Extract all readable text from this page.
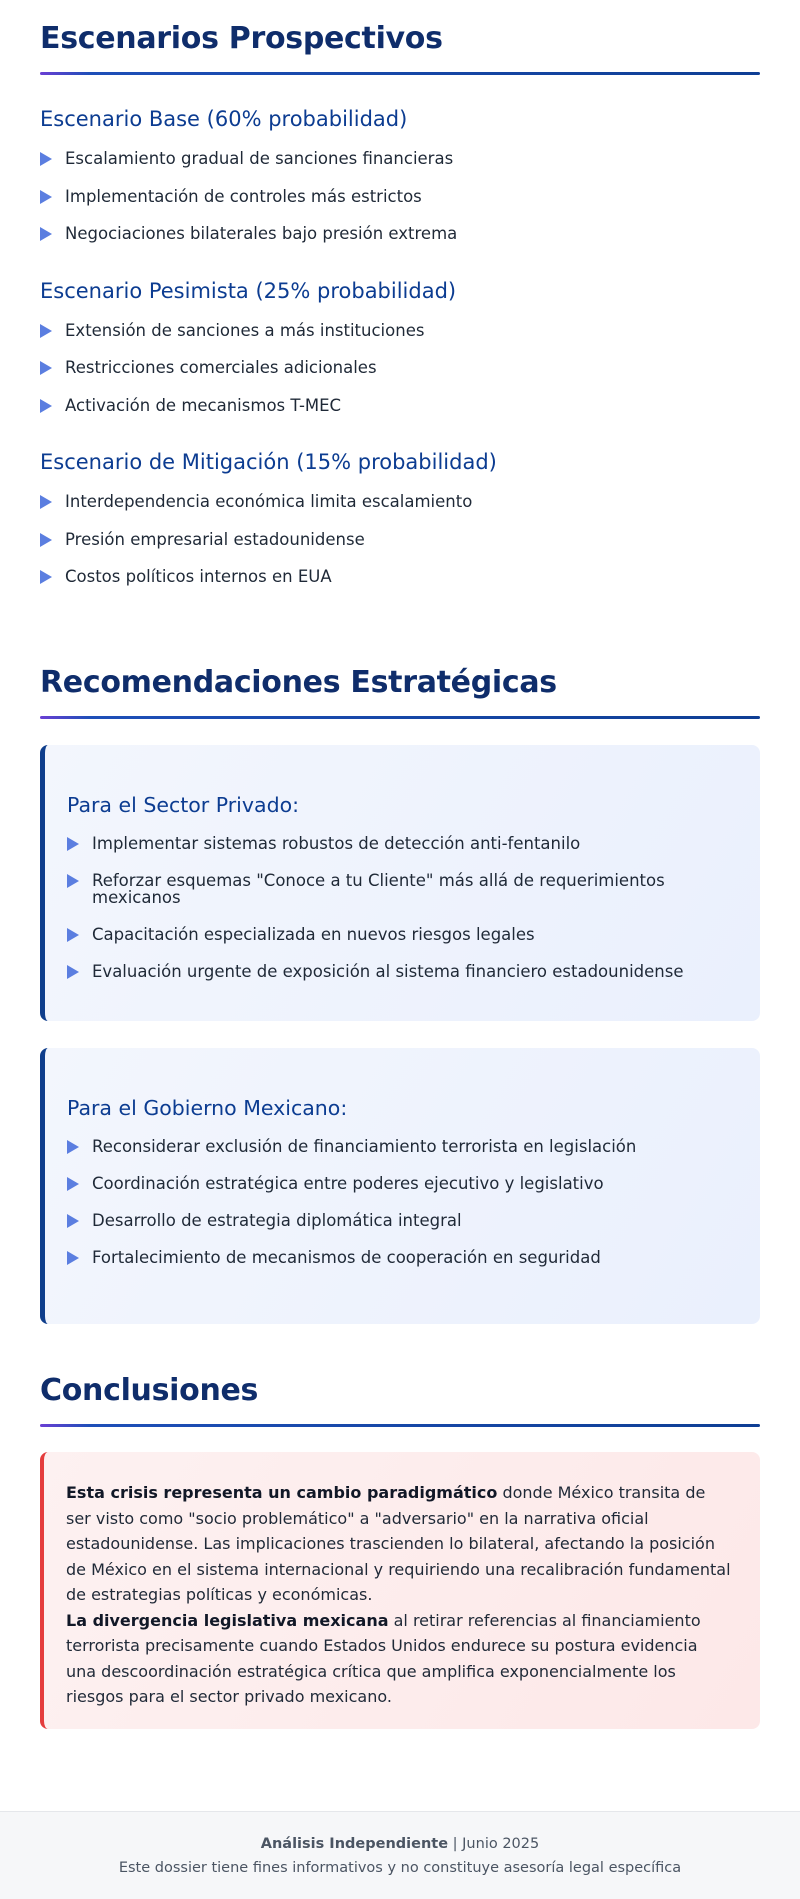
Escenarios Prospectivos
Escenario Base (60% probabilidad)
Escalamiento gradual de sanciones financieras
Implementación de controles más estrictos
Negociaciones bilaterales bajo presión extrema
Escenario Pesimista (25% probabilidad)
Extensión de sanciones a más instituciones
Restricciones comerciales adicionales
Activación de mecanismos T-MEC
Escenario de Mitigación (15% probabilidad)
Interdependencia económica limita escalamiento
Presión empresarial estadounidense
Costos políticos internos en EUA
Recomendaciones Estratégicas
Para el Sector Privado:
Implementar sistemas robustos de detección anti-fentanilo
Reforzar esquemas "Conoce a tu Cliente" más allá de requerimientos mexicanos
Capacitación especializada en nuevos riesgos legales
Evaluación urgente de exposición al sistema financiero estadounidense
Para el Gobierno Mexicano:
Reconsiderar exclusión de financiamiento terrorista en legislación
Coordinación estratégica entre poderes ejecutivo y legislativo
Desarrollo de estrategia diplomática integral
Fortalecimiento de mecanismos de cooperación en seguridad
Conclusiones

Esta crisis representa un cambio paradigmático donde México transita de ser visto como "socio problemático" a "adversario" en la narrativa oficial estadounidense. Las implicaciones trascienden lo bilateral, afectando la posición de México en el sistema internacional y requiriendo una recalibración fundamental de estrategias políticas y económicas.

La divergencia legislativa mexicana al retirar referencias al financiamiento terrorista precisamente cuando Estados Unidos endurece su postura evidencia una descoordinación estratégica crítica que amplifica exponencialmente los riesgos para el sector privado mexicano.

Análisis Independiente | Junio 2025
Este dossier tiene fines informativos y no constituye asesoría legal específica
